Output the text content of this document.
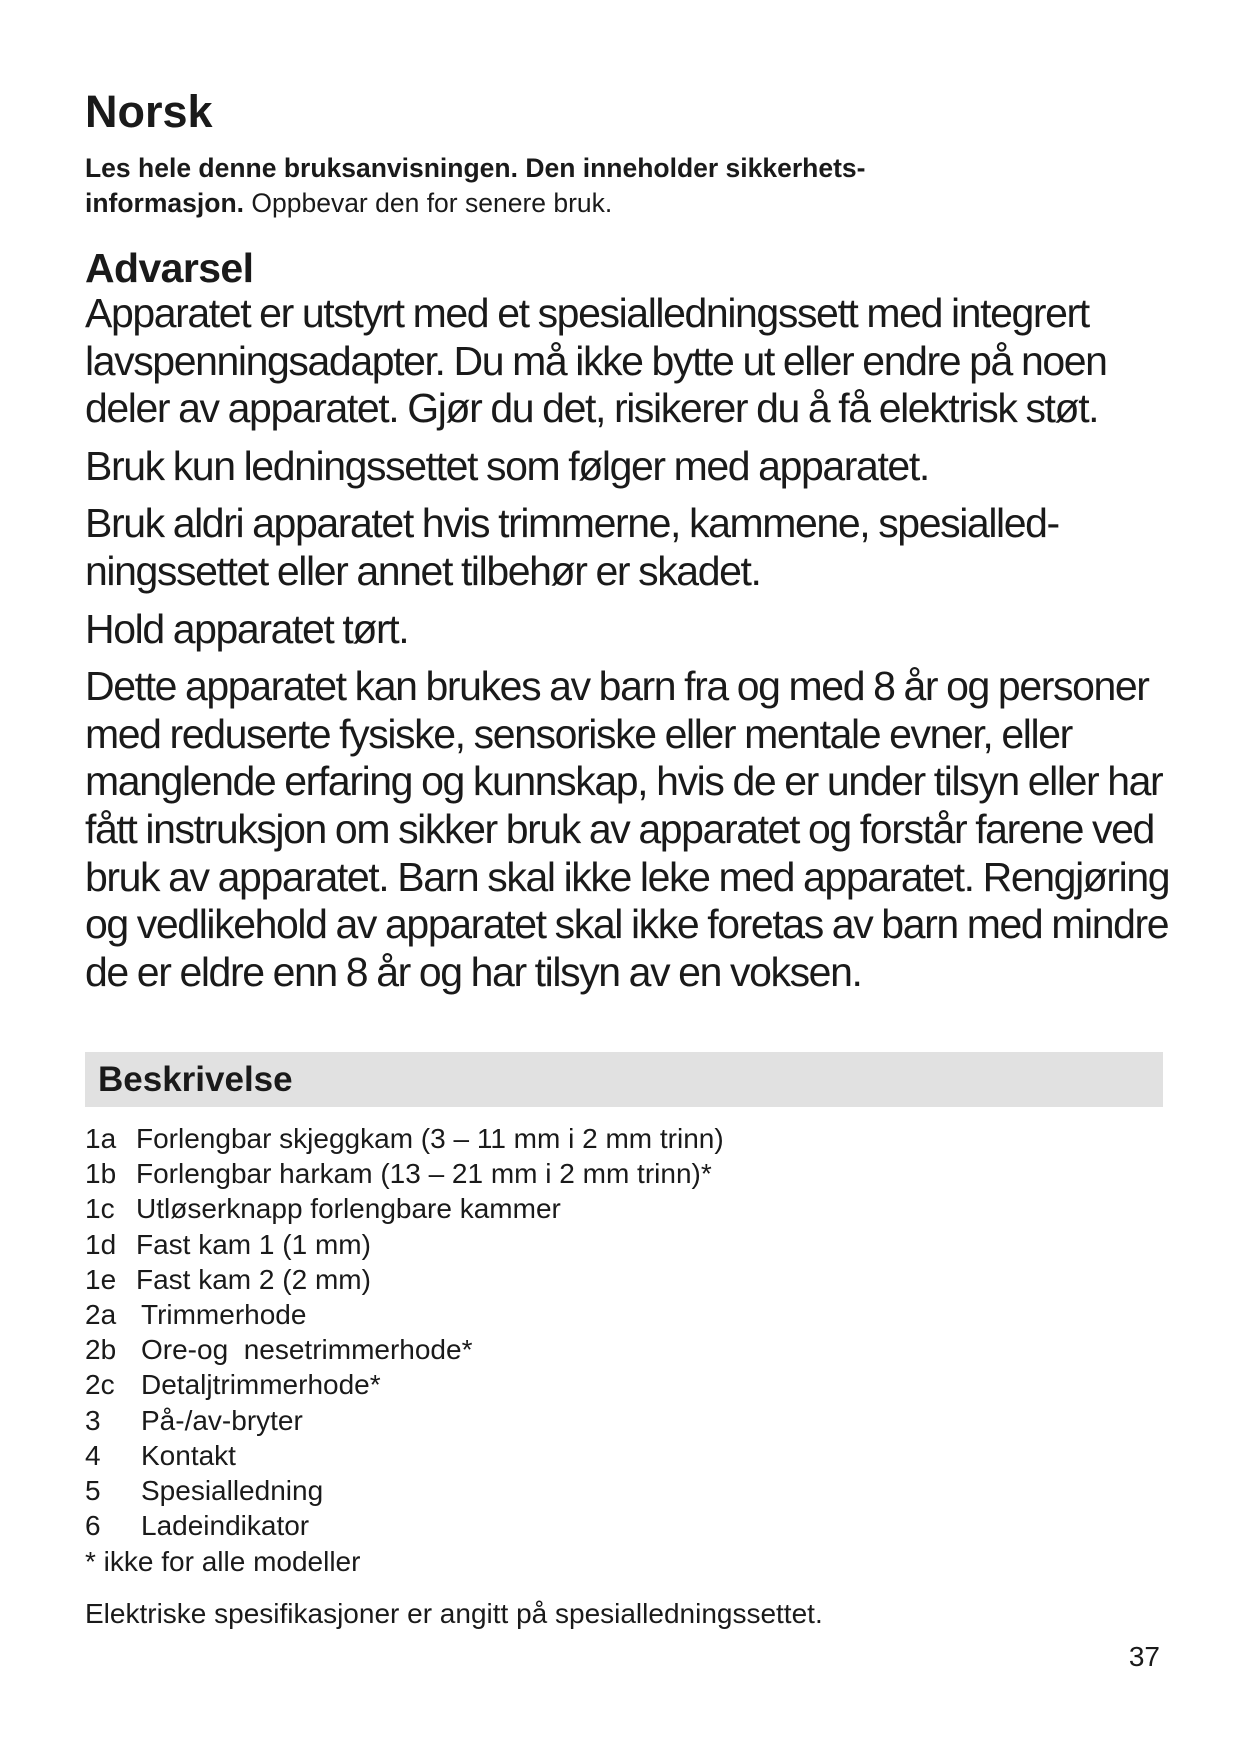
Norsk

Les hele denne bruksanvisningen. Den inneholder sikkerhets-
informasjon. Oppbevar den for senere bruk.

Advarsel

Apparatet er utstyrt med et spesialledningssett med integrert lavspenningsadapter. Du må ikke bytte ut eller endre på noen deler av apparatet. Gjør du det, risikerer du å få elektrisk støt.

Bruk kun ledningssettet som følger med apparatet.

Bruk aldri apparatet hvis trimmerne, kammene, spesialled-ningssettet eller annet tilbehør er skadet.

Hold apparatet tørt.

Dette apparatet kan brukes av barn fra og med 8 år og personer med reduserte fysiske, sensoriske eller mentale evner, eller manglende erfaring og kunnskap, hvis de er under tilsyn eller har fått instruksjon om sikker bruk av apparatet og forstår farene ved bruk av apparatet. Barn skal ikke leke med apparatet. Rengjøring og vedlikehold av apparatet skal ikke foretas av barn med mindre de er eldre enn 8 år og har tilsyn av en voksen.

Beskrivelse
1a Forlengbar skjeggkam (3 – 11 mm i 2 mm trinn)
1b Forlengbar harkam (13 – 21 mm i 2 mm trinn)*
1c Utløserknapp forlengbare kammer
1d Fast kam 1 (1 mm)
1e Fast kam 2 (2 mm)
2a Trimmerhode
2b Ore-og  nesetrimmerhode*
2c Detaljtrimmerhode*
3	På-/av-bryter
4	Kontakt
5	Spesialledning
6	Ladeindikator

* ikke for alle modeller

Elektriske spesifikasjoner er angitt på spesialledningssettet.

37
